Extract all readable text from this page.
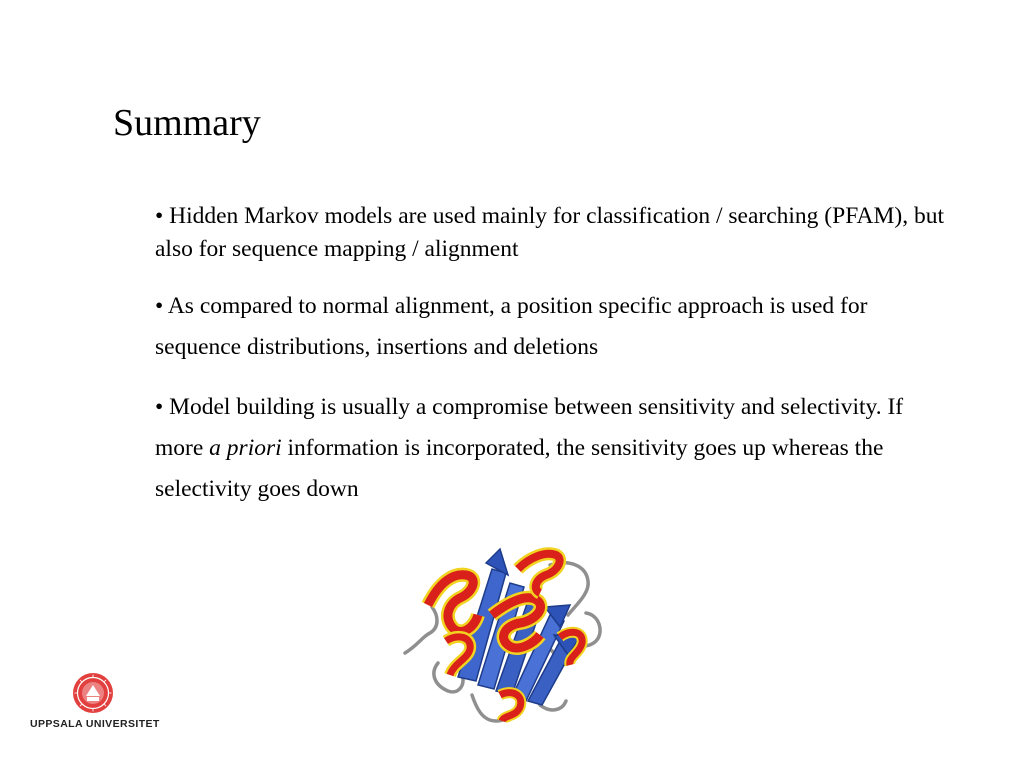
Summary

• Hidden Markov models are used mainly for classification / searching (PFAM), but also for sequence mapping / alignment

• As compared to normal alignment, a position specific approach is used for sequence distributions, insertions and deletions

• Model building is usually a compromise between sensitivity and selectivity. If more a priori information is incorporated, the sensitivity goes up whereas the selectivity goes down

UPPSALA UNIVERSITET
